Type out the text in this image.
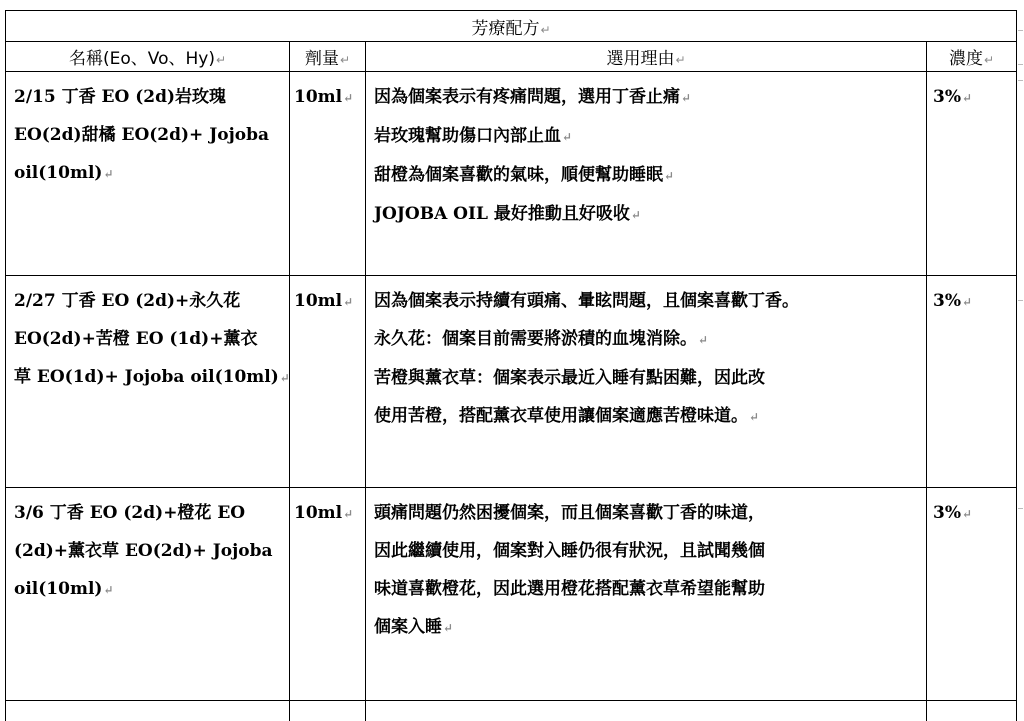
芳療配方↵			
名稱(Eo、Vo、Hy)↵	劑量↵	選用理由↵	濃度↵

2/15 丁香 EO (2d)岩玫瑰
EO(2d)甜橘 EO(2d)+ Jojoba
oil(10ml)↵	10ml↵	因為個案表示有疼痛問題，選用丁香止痛↵
岩玫瑰幫助傷口內部止血↵
甜橙為個案喜歡的氣味，順便幫助睡眠↵
JOJOBA OIL 最好推動且好吸收↵	3%↵

2/27 丁香 EO (2d)+永久花
EO(2d)+苦橙 EO (1d)+薰衣
草 EO(1d)+ Jojoba oil(10ml)↵	10ml↵	因為個案表示持續有頭痛、暈眩問題，且個案喜歡丁香。
永久花：個案目前需要將淤積的血塊消除。↵
苦橙與薰衣草：個案表示最近入睡有點困難，因此改
使用苦橙，搭配薰衣草使用讓個案適應苦橙味道。↵	3%↵

3/6 丁香 EO (2d)+橙花 EO
(2d)+薰衣草 EO(2d)+ Jojoba
oil(10ml)↵	10ml↵	頭痛問題仍然困擾個案，而且個案喜歡丁香的味道，
因此繼續使用，個案對入睡仍很有狀況，且試聞幾個
味道喜歡橙花，因此選用橙花搭配薰衣草希望能幫助
個案入睡↵	3%↵
